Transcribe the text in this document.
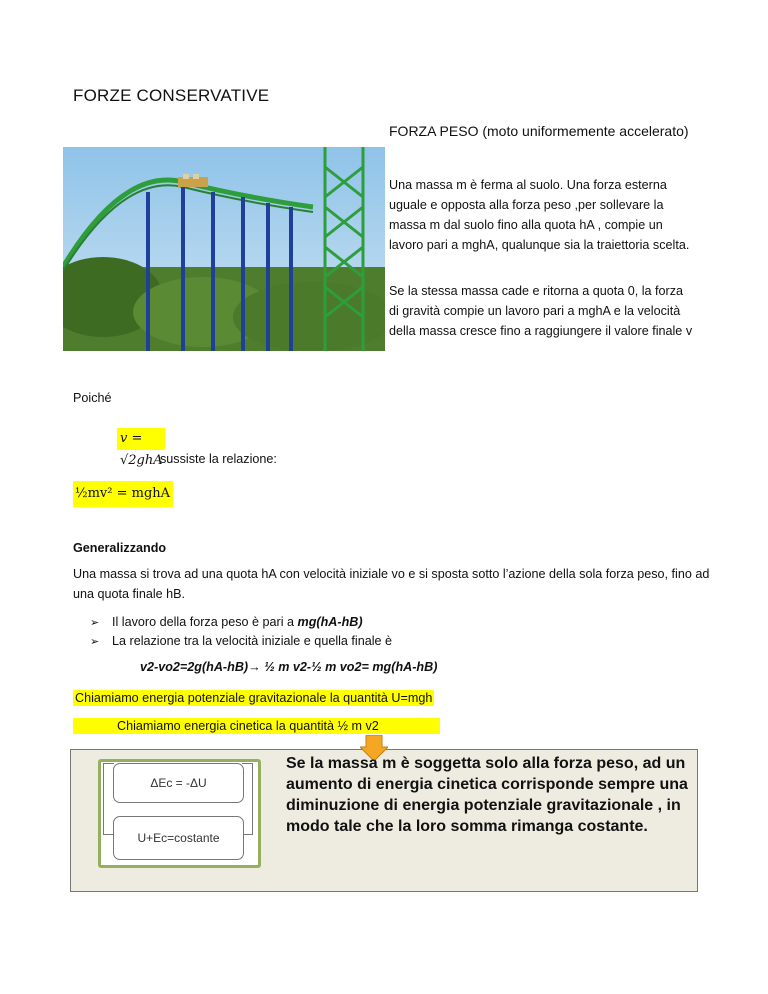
FORZE CONSERVATIVE
FORZA PESO (moto uniformemente accelerato)
Una massa m è ferma al suolo. Una forza esterna uguale e opposta alla forza peso ,per sollevare la massa m dal suolo fino alla quota hA , compie un lavoro pari a mghA, qualunque sia la traiettoria scelta.
Se la stessa massa cade e ritorna a quota 0, la forza di gravità compie un lavoro pari a mghA e la velocità della massa cresce fino a raggiungere il valore finale v
Poiché
v = √2ghA
sussiste la relazione:
½mv² = mghA
Generalizzando
Una massa si trova ad una quota hA con velocità iniziale vo e si sposta sotto l’azione della sola forza peso, fino ad una quota finale hB.
➢ Il lavoro della forza peso è pari a mg(hA-hB)
➢ La relazione tra la velocità iniziale e quella finale è
v2-vo2=2g(hA-hB)→ ½ m v2-½ m vo2= mg(hA-hB)
Chiamiamo energia potenziale gravitazionale la quantità U=mgh
Chiamiamo energia cinetica la quantità ½ m v2
ΔEc = -ΔU
U+Ec=costante
Se la massa m è soggetta solo alla forza peso, ad un aumento di energia cinetica corrisponde sempre una diminuzione di energia potenziale gravitazionale , in modo tale che la loro somma rimanga costante.
